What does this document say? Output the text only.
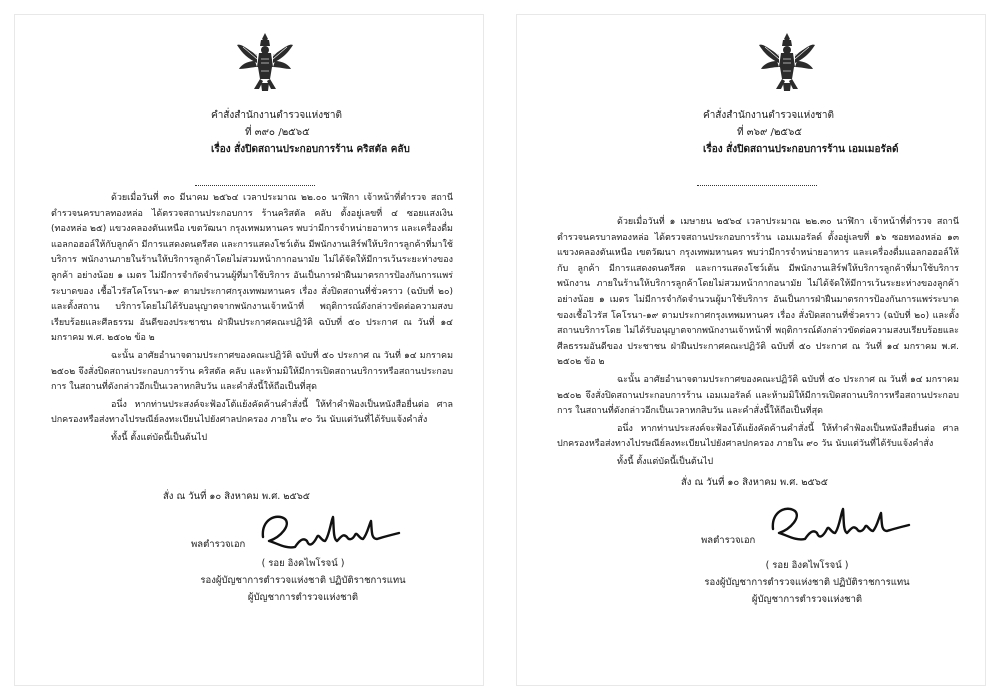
คำสั่งสำนักงานตำรวจแห่งชาติ
ที่ ๓๙๐ /๒๕๖๕
เรื่อง สั่งปิดสถานประกอบการร้าน คริสตัล คลับ

ด้วยเมื่อวันที่ ๓๐ มีนาคม ๒๕๖๔ เวลาประมาณ ๒๒.๐๐ นาฬิกา เจ้าหน้าที่ตำรวจ สถานีตำรวจนครบาลทองหล่อ ได้ตรวจสถานประกอบการ ร้านคริสตัล คลับ ตั้งอยู่เลขที่ ๔ ซอยแสงเงิน (ทองหล่อ ๒๕) แขวงคลองตันเหนือ เขตวัฒนา กรุงเทพมหานคร พบว่ามีการจำหน่ายอาหาร และเครื่องดื่ม แอลกอฮอล์ให้กับลูกค้า มีการแสดงดนตรีสด และการแสดงโชว์เต้น มีพนักงานเสิร์ฟให้บริการลูกค้าที่มาใช้ บริการ พนักงานภายในร้านให้บริการลูกค้าโดยไม่สวมหน้ากากอนามัย ไม่ได้จัดให้มีการเว้นระยะห่างของลูกค้า อย่างน้อย ๑ เมตร ไม่มีการจำกัดจำนวนผู้ที่มาใช้บริการ อันเป็นการฝ่าฝืนมาตรการป้องกันการแพร่ระบาดของ เชื้อไวรัสโคโรนา-๑๙ ตามประกาศกรุงเทพมหานคร เรื่อง สั่งปิดสถานที่ชั่วคราว (ฉบับที่ ๒๐) และตั้งสถาน บริการโดยไม่ได้รับอนุญาตจากพนักงานเจ้าหน้าที่ พฤติการณ์ดังกล่าวขัดต่อความสงบเรียบร้อยและศีลธรรม อันดีของประชาชน ฝ่าฝืนประกาศคณะปฏิวัติ ฉบับที่ ๕๐ ประกาศ ณ วันที่ ๑๔ มกราคม พ.ศ. ๒๕๐๒ ข้อ ๒

ฉะนั้น อาศัยอำนาจตามประกาศของคณะปฏิวัติ ฉบับที่ ๕๐ ประกาศ ณ วันที่ ๑๔ มกราคม ๒๕๐๒ จึงสั่งปิดสถานประกอบการร้าน คริสตัล คลับ และห้ามมิให้มีการเปิดสถานบริการหรือสถานประกอบการ ในสถานที่ดังกล่าวอีกเป็นเวลาหกสิบวัน และคำสั่งนี้ให้ถือเป็นที่สุด

อนึ่ง หากท่านประสงค์จะฟ้องโต้แย้งคัดค้านคำสั่งนี้ ให้ทำคำฟ้องเป็นหนังสือยื่นต่อ ศาลปกครองหรือส่งทางไปรษณีย์ลงทะเบียนไปยังศาลปกครอง ภายใน ๙๐ วัน นับแต่วันที่ได้รับแจ้งคำสั่ง

ทั้งนี้ ตั้งแต่บัดนี้เป็นต้นไป

สั่ง ณ วันที่ ๑๐ สิงหาคม พ.ศ. ๒๕๖๕
พลตำรวจเอก
( รอย อิงคไพโรจน์ )
รองผู้บัญชาการตำรวจแห่งชาติ ปฏิบัติราชการแทน
ผู้บัญชาการตำรวจแห่งชาติ
คำสั่งสำนักงานตำรวจแห่งชาติ
ที่ ๓๖๙ /๒๕๖๕
เรื่อง สั่งปิดสถานประกอบการร้าน เอมเมอรัลด์

ด้วยเมื่อวันที่ ๑ เมษายน ๒๕๖๔ เวลาประมาณ ๒๒.๓๐ นาฬิกา เจ้าหน้าที่ตำรวจ สถานีตำรวจนครบาลทองหล่อ ได้ตรวจสถานประกอบการร้าน เอมเมอรัลด์ ตั้งอยู่เลขที่ ๑๖ ซอยทองหล่อ ๑๓ แขวงคลองตันเหนือ เขตวัฒนา กรุงเทพมหานคร พบว่ามีการจำหน่ายอาหาร และเครื่องดื่มแอลกอฮอล์ให้กับ ลูกค้า มีการแสดงดนตรีสด และการแสดงโชว์เต้น มีพนักงานเสิร์ฟให้บริการลูกค้าที่มาใช้บริการ พนักงาน ภายในร้านให้บริการลูกค้าโดยไม่สวมหน้ากากอนามัย ไม่ได้จัดให้มีการเว้นระยะห่างของลูกค้าอย่างน้อย ๑ เมตร ไม่มีการจำกัดจำนวนผู้มาใช้บริการ อันเป็นการฝ่าฝืนมาตรการป้องกันการแพร่ระบาดของเชื้อไวรัส โคโรนา-๑๙ ตามประกาศกรุงเทพมหานคร เรื่อง สั่งปิดสถานที่ชั่วคราว (ฉบับที่ ๒๐) และตั้งสถานบริการโดย ไม่ได้รับอนุญาตจากพนักงานเจ้าหน้าที่ พฤติการณ์ดังกล่าวขัดต่อความสงบเรียบร้อยและศีลธรรมอันดีของ ประชาชน ฝ่าฝืนประกาศคณะปฏิวัติ ฉบับที่ ๕๐ ประกาศ ณ วันที่ ๑๔ มกราคม พ.ศ. ๒๕๐๒ ข้อ ๒

ฉะนั้น อาศัยอำนาจตามประกาศของคณะปฏิวัติ ฉบับที่ ๕๐ ประกาศ ณ วันที่ ๑๔ มกราคม ๒๕๐๒ จึงสั่งปิดสถานประกอบการร้าน เอมเมอรัลด์ และห้ามมิให้มีการเปิดสถานบริการหรือสถานประกอบการ ในสถานที่ดังกล่าวอีกเป็นเวลาหกสิบวัน และคำสั่งนี้ให้ถือเป็นที่สุด

อนึ่ง หากท่านประสงค์จะฟ้องโต้แย้งคัดค้านคำสั่งนี้ ให้ทำคำฟ้องเป็นหนังสือยื่นต่อ ศาลปกครองหรือส่งทางไปรษณีย์ลงทะเบียนไปยังศาลปกครอง ภายใน ๙๐ วัน นับแต่วันที่ได้รับแจ้งคำสั่ง

ทั้งนี้ ตั้งแต่บัดนี้เป็นต้นไป

สั่ง ณ วันที่ ๑๐ สิงหาคม พ.ศ. ๒๕๖๕
พลตำรวจเอก
( รอย อิงคไพโรจน์ )
รองผู้บัญชาการตำรวจแห่งชาติ ปฏิบัติราชการแทน
ผู้บัญชาการตำรวจแห่งชาติ
